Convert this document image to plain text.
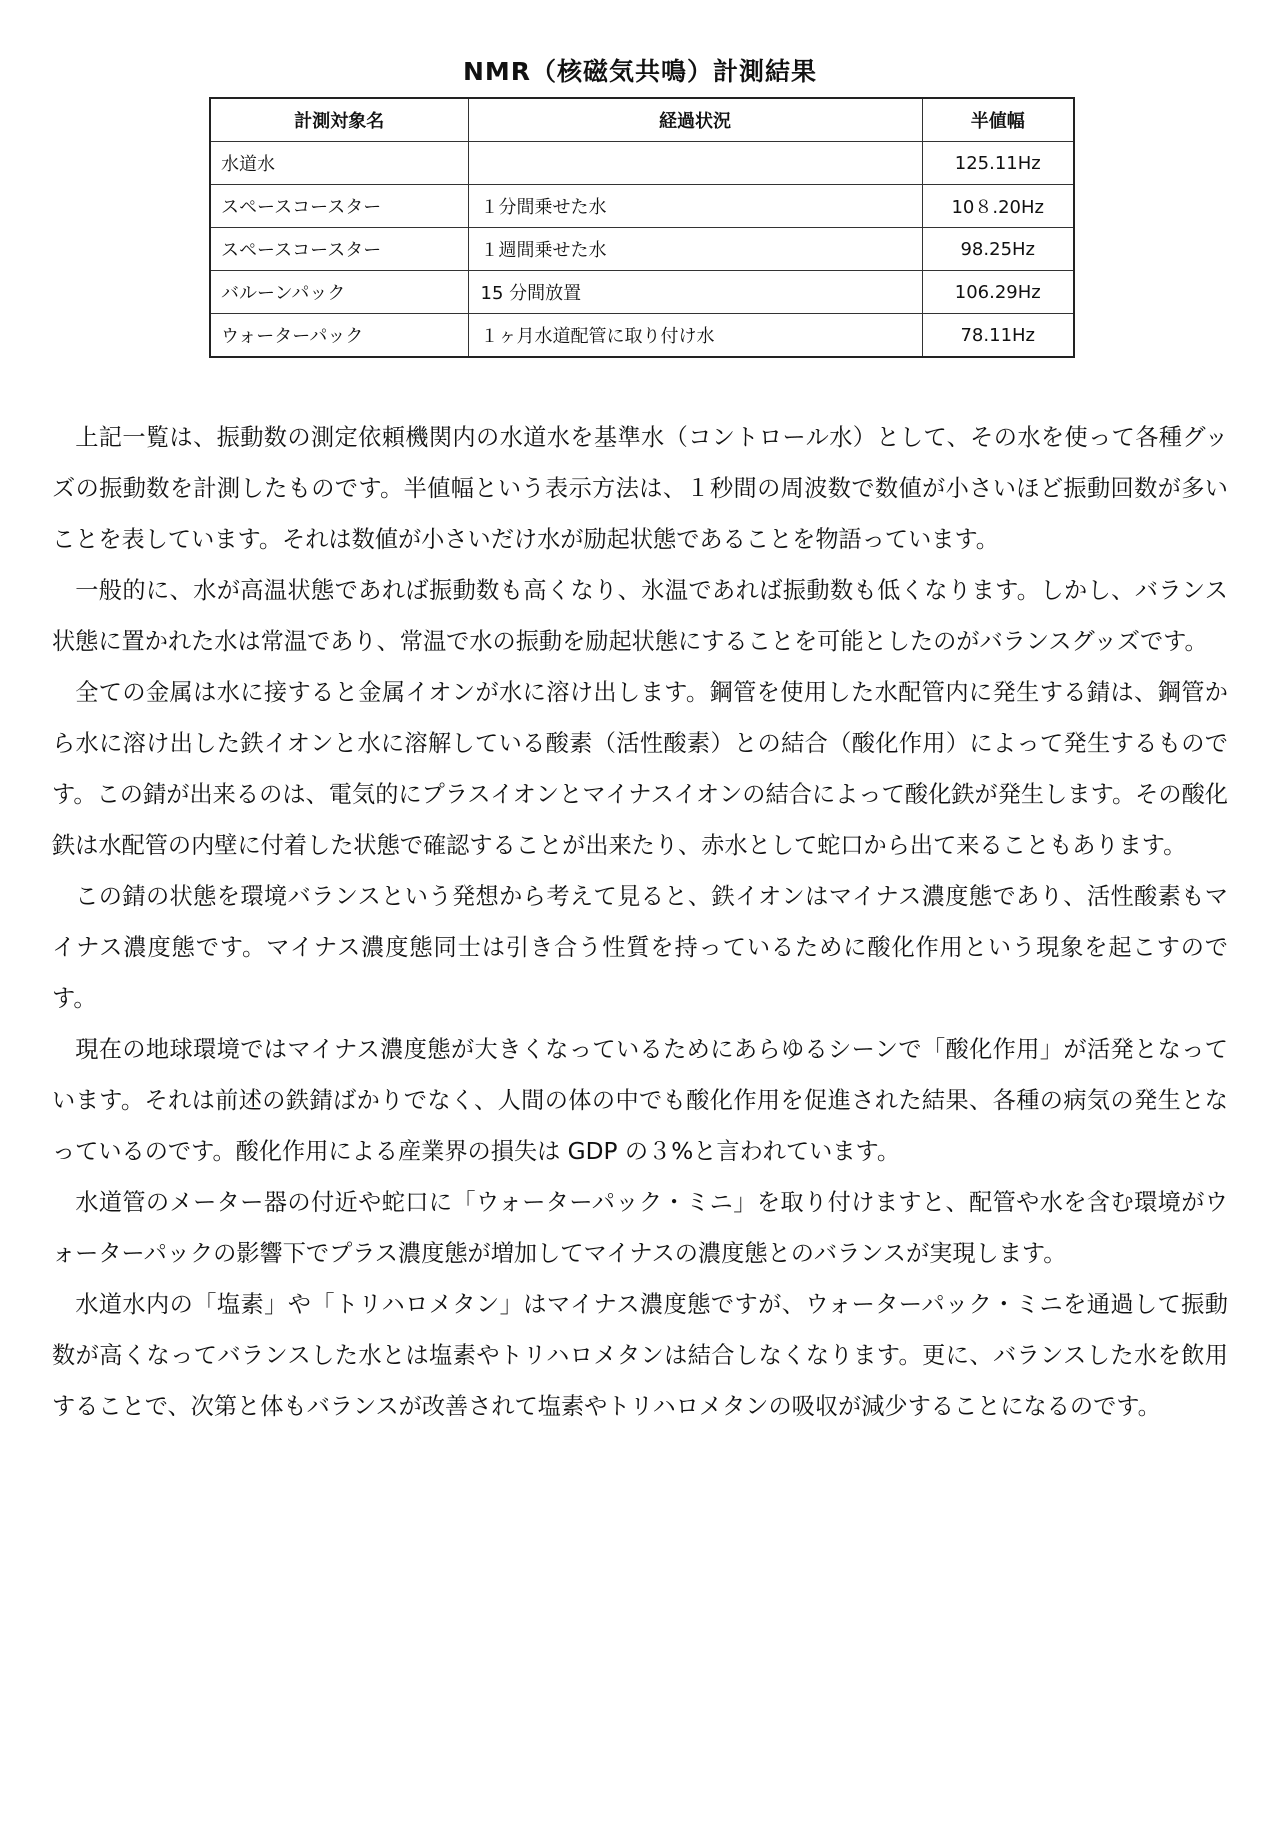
NMR（核磁気共鳴）計測結果
計測対象名	経過状況	半値幅
水道水		125.11Hz
スペースコースター	１分間乗せた水	10８.20Hz
スペースコースター	１週間乗せた水	98.25Hz
バルーンパック	15 分間放置	106.29Hz
ウォーターパック	１ヶ月水道配管に取り付け水	78.11Hz

上記一覧は、振動数の測定依頼機関内の水道水を基準水（コントロール水）として、その水を使って各種グッズの振動数を計測したものです。半値幅という表示方法は、１秒間の周波数で数値が小さいほど振動回数が多いことを表しています。それは数値が小さいだけ水が励起状態であることを物語っています。

一般的に、水が高温状態であれば振動数も高くなり、氷温であれば振動数も低くなります。しかし、バランス状態に置かれた水は常温であり、常温で水の振動を励起状態にすることを可能としたのがバランスグッズです。

全ての金属は水に接すると金属イオンが水に溶け出します。鋼管を使用した水配管内に発生する錆は、鋼管から水に溶け出した鉄イオンと水に溶解している酸素（活性酸素）との結合（酸化作用）によって発生するものです。この錆が出来るのは、電気的にプラスイオンとマイナスイオンの結合によって酸化鉄が発生します。その酸化鉄は水配管の内壁に付着した状態で確認することが出来たり、赤水として蛇口から出て来ることもあります。

この錆の状態を環境バランスという発想から考えて見ると、鉄イオンはマイナス濃度態であり、活性酸素もマイナス濃度態です。マイナス濃度態同士は引き合う性質を持っているために酸化作用という現象を起こすのです。

現在の地球環境ではマイナス濃度態が大きくなっているためにあらゆるシーンで「酸化作用」が活発となっています。それは前述の鉄錆ばかりでなく、人間の体の中でも酸化作用を促進された結果、各種の病気の発生となっているのです。酸化作用による産業界の損失は GDP の３%と言われています。

水道管のメーター器の付近や蛇口に「ウォーターパック・ミニ」を取り付けますと、配管や水を含む環境がウォーターパックの影響下でプラス濃度態が増加してマイナスの濃度態とのバランスが実現します。

水道水内の「塩素」や「トリハロメタン」はマイナス濃度態ですが、ウォーターパック・ミニを通過して振動数が高くなってバランスした水とは塩素やトリハロメタンは結合しなくなります。更に、バランスした水を飲用することで、次第と体もバランスが改善されて塩素やトリハロメタンの吸収が減少することになるのです。
